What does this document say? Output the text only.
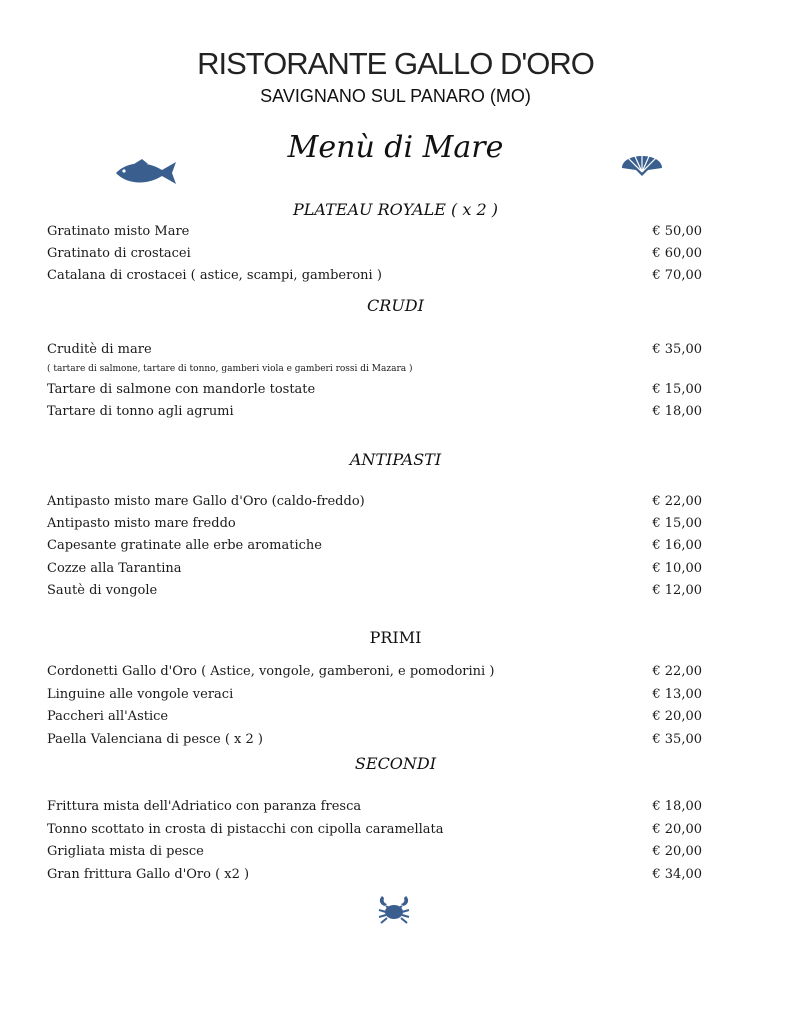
RISTORANTE GALLO D'ORO
SAVIGNANO SUL PANARO (MO)
Menù di Mare
PLATEAU ROYALE ( x 2 )
Gratinato misto Mare	€ 50,00
Gratinato di crostacei	€ 60,00
Catalana di crostacei ( astice, scampi, gamberoni )	€ 70,00
CRUDI
Cruditè di mare	€ 35,00
( tartare di salmone, tartare di tonno, gamberi viola e gamberi rossi di Mazara )
Tartare di salmone con mandorle tostate	€ 15,00
Tartare di tonno agli agrumi	€ 18,00
ANTIPASTI
Antipasto misto mare Gallo d'Oro (caldo-freddo)	€ 22,00
Antipasto misto mare freddo	€ 15,00
Capesante gratinate alle erbe aromatiche	€ 16,00
Cozze alla Tarantina	€ 10,00
Sautè di vongole	€ 12,00
PRIMI
Cordonetti Gallo d'Oro ( Astice, vongole, gamberoni, e pomodorini )	€ 22,00
Linguine alle vongole veraci	€ 13,00
Paccheri all'Astice	€ 20,00
Paella Valenciana di pesce ( x 2 )	€ 35,00
SECONDI
Frittura mista dell'Adriatico con paranza fresca	€ 18,00
Tonno scottato in crosta di pistacchi con cipolla caramellata	€ 20,00
Grigliata mista di pesce	€ 20,00
Gran frittura Gallo d'Oro ( x2 )	€ 34,00
